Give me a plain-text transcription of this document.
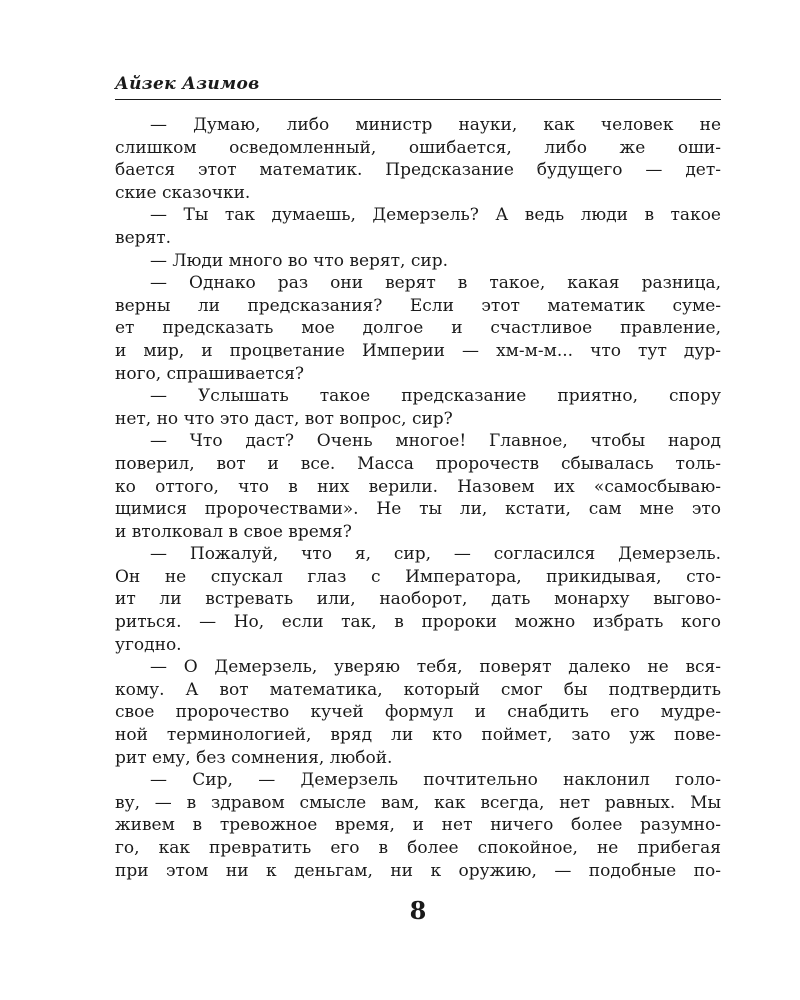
Айзек Азимов
— Думаю, либо министр науки, как человек не
слишком осведомленный, ошибается, либо же оши-
бается этот математик. Предсказание будущего — дет-
ские сказочки.
— Ты так думаешь, Демерзель? А ведь люди в такое
верят.
— Люди много во что верят, сир.
— Однако раз они верят в такое, какая разница,
верны ли предсказания? Если этот математик суме-
ет предсказать мое долгое и счастливое правление,
и мир, и процветание Империи — хм-м-м... что тут дур-
ного, спрашивается?
— Услышать такое предсказание приятно, спору
нет, но что это даст, вот вопрос, сир?
— Что даст? Очень многое! Главное, чтобы народ
поверил, вот и все. Масса пророчеств сбывалась толь-
ко оттого, что в них верили. Назовем их «самосбываю-
щимися пророчествами». Не ты ли, кстати, сам мне это
и втолковал в свое время?
— Пожалуй, что я, сир, — согласился Демерзель.
Он не спускал глаз с Императора, прикидывая, сто-
ит ли встревать или, наоборот, дать монарху выгово-
риться. — Но, если так, в пророки можно избрать кого
угодно.
— О Демерзель, уверяю тебя, поверят далеко не вся-
кому. А вот математика, который смог бы подтвердить
свое пророчество кучей формул и снабдить его мудре-
ной терминологией, вряд ли кто поймет, зато уж пове-
рит ему, без сомнения, любой.
— Сир, — Демерзель почтительно наклонил голо-
ву, — в здравом смысле вам, как всегда, нет равных. Мы
живем в тревожное время, и нет ничего более разумно-
го, как превратить его в более спокойное, не прибегая
при этом ни к деньгам, ни к оружию, — подобные по-
8
